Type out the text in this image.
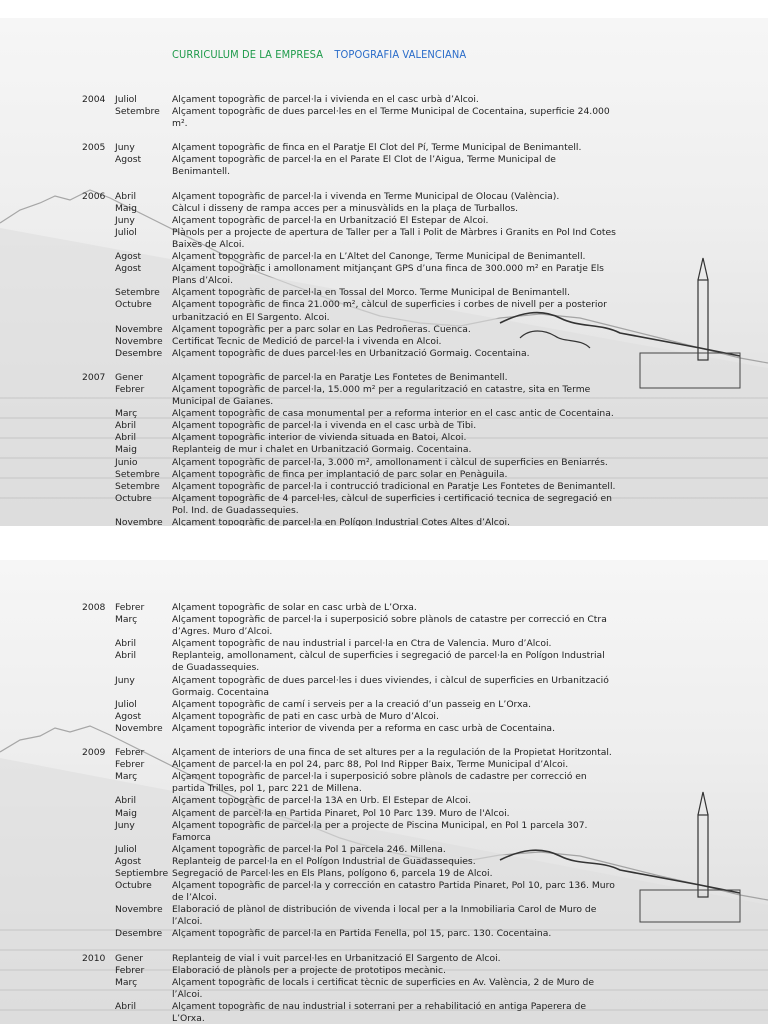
CURRICULUM DE LA EMPRESA TOPOGRAFIA VALENCIANA
2004	Juliol	Alçament topogràfic de parcel·la i vivienda en el casc urbà d’Alcoi.
Setembre	Alçament topogràfic de dues parcel·les en el Terme Municipal de Cocentaina, superficie 24.000 m².
2005	Juny	Alçament topogràfic de finca en el Paratje El Clot del Pí, Terme Municipal de Benimantell.
Agost	Alçament topogràfic de parcel·la en el Parate El Clot de l’Aigua, Terme Municipal de Benimantell.
2006	Abril	Alçament topogràfic de parcel·la i vivenda en Terme Municipal de Olocau (València).
Maig	Càlcul i disseny de rampa acces per a minusvàlids en la plaça de Turballos.
Juny	Alçament topogràfic de parcel·la en Urbanització El Estepar de Alcoi.
Juliol	Plànols per a projecte de apertura de Taller per a Tall i Polit de Màrbres i Granits en Pol Ind Cotes Baixes de Alcoi.
Agost	Alçament topogràfic de parcel·la en L’Altet del Canonge, Terme Municipal de Benimantell.
Agost	Alçament topogràfic i amollonament mitjançant GPS d’una finca de 300.000 m² en Paratje Els Plans d’Alcoi.
Setembre	Alçament topogràfic de parcel·la en Tossal del Morco. Terme Municipal de Benimantell.
Octubre	Alçament topogràfic de finca 21.000 m², càlcul de superficies i corbes de nivell per a posterior urbanització en El Sargento. Alcoi.
Novembre	Alçament topogràfic per a parc solar en Las Pedroñeras. Cuenca.
Novembre	Certificat Tecnic de Medició de parcel·la i vivenda en Alcoi.
Desembre	Alçament topogràfic de dues parcel·les en Urbanització Gormaig. Cocentaina.
2007	Gener	Alçament topogràfic de parcel·la en Paratje Les Fontetes de Benimantell.
Febrer	Alçament topogràfic de parcel·la, 15.000 m² per a regularització en catastre, sita en Terme Municipal de Gaianes.
Març	Alçament topogràfic de casa monumental per a reforma interior en el casc antic de Cocentaina.
Abril	Alçament topogràfic de parcel·la i vivenda en el casc urbà de Tibi.
Abril	Alçament topogràfic interior de vivienda situada en Batoi, Alcoi.
Maig	Replanteig de mur i chalet en Urbanització Gormaig. Cocentaina.
Junio	Alçament topogràfic de parcel·la, 3.000 m², amollonament i càlcul de superficies en Beniarrés.
Setembre	Alçament topogràfic de finca per implantació de parc solar en Penàguila.
Setembre	Alçament topogràfic de parcel·la i contrucció tradicional en Paratje Les Fontetes de Benimantell.
Octubre	Alçament topogràfic de 4 parcel·les, càlcul de superficies i certificació tecnica de segregació en Pol. Ind. de Guadassequies.
Novembre	Alçament topogràfic de parcel·la en Polígon Industrial Cotes Altes d’Alcoi.
2008	Febrer	Alçament topogràfic de solar en casc urbà de L’Orxa.
Març	Alçament topogràfic de parcel·la i superposició sobre plànols de catastre per correcció en Ctra d’Agres. Muro d’Alcoi.
Abril	Alçament topogràfic de nau industrial i parcel·la en Ctra de Valencia. Muro d’Alcoi.
Abril	Replanteig, amollonament, càlcul de superficies i segregació de parcel·la en Polígon Industrial de Guadassequies.
Juny	Alçament topogràfic de dues parcel·les i dues viviendes, i càlcul de superficies en Urbanització Gormaig. Cocentaina
Juliol	Alçament topogràfic de camí i serveis per a la creació d’un passeig en L’Orxa.
Agost	Alçament topogràfic de pati en casc urbà de Muro d’Alcoi.
Novembre	Alçament topogràfic interior de vivenda per a reforma en casc urbà de Cocentaina.
2009	Febrer	Alçament de interiors de una finca de set altures per a la regulación de la Propietat Horitzontal.
Febrer	Alçament de parcel·la en pol 24, parc 88, Pol Ind Ripper Baix, Terme Municipal d’Alcoi.
Març	Alçament topogràfic de parcel·la i superposició sobre plànols de cadastre per correcció en partida Trilles, pol 1, parc 221 de Millena.
Abril	Alçament topogràfic de parcel·la 13A en Urb. El Estepar de Alcoi.
Maig	Alçament de parcel·la en Partida Pinaret, Pol 10 Parc 139. Muro de l'Alcoi.
Juny	Alçament topogràfic de parcel·la per a projecte de Piscina Municipal, en Pol 1 parcela 307. Famorca
Juliol	Alçament topogràfic de parcel·la Pol 1 parcela 246. Millena.
Agost	Replanteig de parcel·la en el Polígon Industrial de Guadassequies.
Septiembre Segregació de Parcel·les en Els Plans, polígono 6, parcela 19 de Alcoi.
Octubre	Alçament topogràfic de parcel·la y corrección en catastro Partida Pinaret, Pol 10, parc 136. Muro de l’Alcoi.
Novembre	Elaboració de plànol de distribución de vivenda i local per a la Inmobiliaria Carol de Muro de l’Alcoi.
Desembre	Alçament topogràfic de parcel·la en Partida Fenella, pol 15, parc. 130. Cocentaina.
2010	Gener	Replanteig de vial i vuit parcel·les en Urbanització El Sargento de Alcoi.
Febrer	Elaboració de plànols per a projecte de prototipos mecànic.
Març	Alçament topogràfic de locals i certificat tècnic de superficies en Av. València, 2 de Muro de l’Alcoi.
Abril	Alçament topogràfic de nau industrial i soterrani per a rehabilitació en antiga Paperera de L’Orxa.
